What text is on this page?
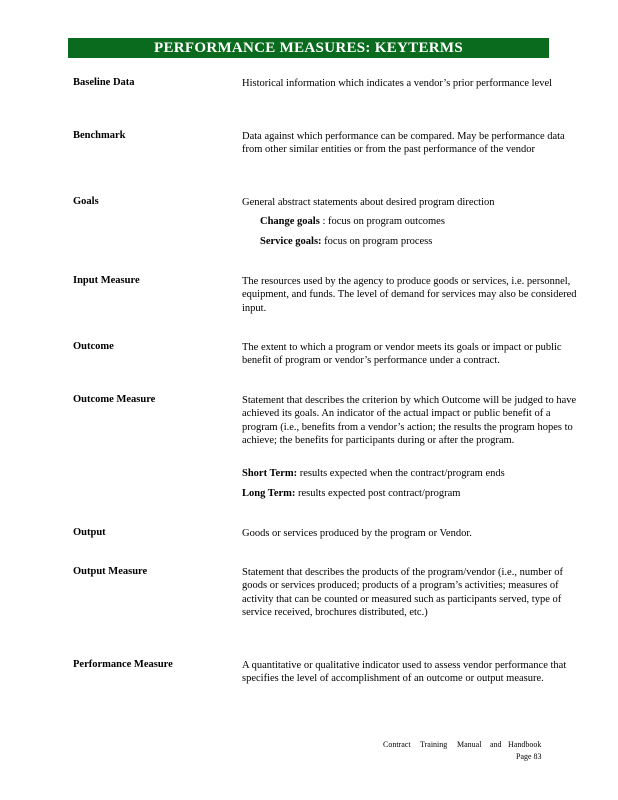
PERFORMANCE MEASURES: KEYTERMS
Baseline Data	Historical information which indicates a vendor’s prior performance level
Benchmark	Data against which performance can be compared. May be performance data from other similar entities or from the past performance of the vendor
Goals	General abstract statements about desired program direction
Change goals : focus on program outcomes
Service goals: focus on program process
Input Measure	The resources used by the agency to produce goods or services, i.e. personnel, equipment, and funds. The level of demand for services may also be considered input.
Outcome	The extent to which a program or vendor meets its goals or impact or public benefit of program or vendor’s performance under a contract.
Outcome Measure	Statement that describes the criterion by which Outcome will be judged to have achieved its goals. An indicator of the actual impact or public benefit of a program (i.e., benefits from a vendor’s action; the results the program hopes to achieve; the benefits for participants during or after the program.
Short Term: results expected when the contract/program ends
Long Term: results expected post contract/program
Output	Goods or services produced by the program or Vendor.
Output Measure	Statement that describes the products of the program/vendor (i.e., number of goods or services produced; products of a program’s activities; measures of activity that can be counted or measured such as participants served, type of service received, brochures distributed, etc.)
Performance Measure	A quantitative or qualitative indicator used to assess vendor performance that specifies the level of accomplishment of an outcome or output measure.
Contract Training Manual and Handbook
Page 83
